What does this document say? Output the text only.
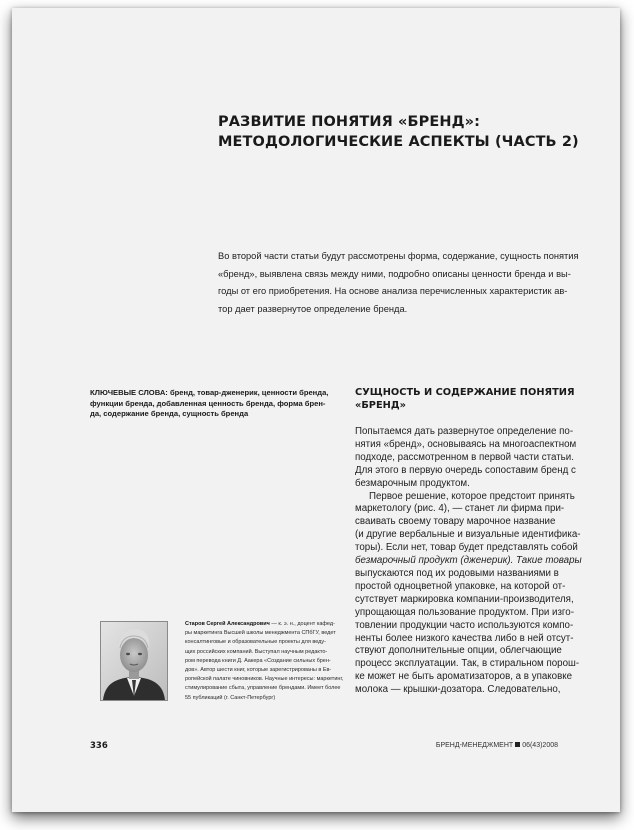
РАЗВИТИЕ ПОНЯТИЯ «БРЕНД»:
МЕТОДОЛОГИЧЕСКИЕ АСПЕКТЫ (ЧАСТЬ 2)
Во второй части статьи будут рассмотрены форма, содержание, сущность понятия
«бренд», выявлена связь между ними, подробно описаны ценности бренда и вы-
годы от его приобретения. На основе анализа перечисленных характеристик ав-
тор дает развернутое определение бренда.
КЛЮЧЕВЫЕ СЛОВА: бренд, товар-дженерик, ценности бренда,
функции бренда, добавленная ценность бренда, форма брен-
да, содержание бренда, сущность бренда
СУЩНОСТЬ И СОДЕРЖАНИЕ ПОНЯТИЯ
«БРЕНД»
Попытаемся дать развернутое определение по-
нятия «бренд», основываясь на многоаспектном
подходе, рассмотренном в первой части статьи.
Для этого в первую очередь сопоставим бренд с
безмарочным продуктом.
Первое решение, которое предстоит принять
маркетологу (рис. 4), — станет ли фирма при-
сваивать своему товару марочное название
(и другие вербальные и визуальные идентифика-
торы). Если нет, товар будет представлять собой
безмарочный продукт (дженерик). Такие товары
выпускаются под их родовыми названиями в
простой одноцветной упаковке, на которой от-
сутствует маркировка компании-производителя,
упрощающая пользование продуктом. При изго-
товлении продукции часто используются компо-
ненты более низкого качества либо в ней отсут-
ствуют дополнительные опции, облегчающие
процесс эксплуатации. Так, в стиральном порош-
ке может не быть ароматизаторов, а в упаковке
молока — крышки-дозатора. Следовательно,
Старов Сергей Александрович — к. э. н., доцент кафед-
ры маркетинга Высшей школы менеджмента СПбГУ, ведет
консалтинговые и образовательные проекты для веду-
щих российских компаний. Выступал научным редакто-
ром перевода книги Д. Аакера «Создание сильных брен-
дов». Автор шести книг, которые зарегистрированы в Ев-
ропейской палате чиновников. Научные интересы: маркетинг,
стимулирование сбыта, управление брендами. Имеет более
55 публикаций (г. Санкт-Петербург)
336	БРЕНД-МЕНЕДЖМЕНТ 06(43)2008
